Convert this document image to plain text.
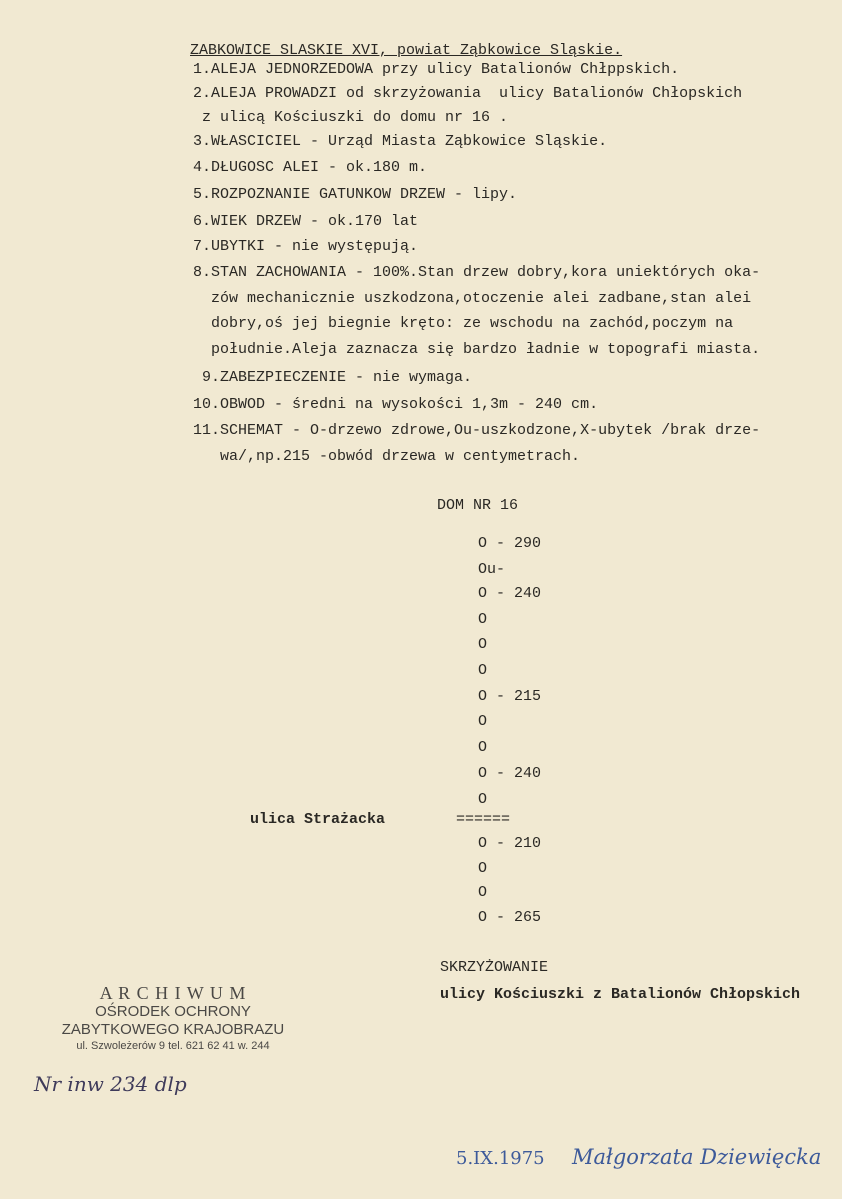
ZABKOWICE SLASKIE XVI, powiat Ząbkowice Sląskie.
1.ALEJA JEDNORZEDOWA przy ulicy Batalionów Chłppskich.
2.ALEJA PROWADZI od skrzyżowania  ulicy Batalionów Chłopskich
z ulicą Kościuszki do domu nr 16 .
3.WŁASCICIEL - Urząd Miasta Ząbkowice Sląskie.
4.DŁUGOSC ALEI - ok.180 m.
5.ROZPOZNANIE GATUNKOW DRZEW - lipy.
6.WIEK DRZEW - ok.170 lat
7.UBYTKI - nie występują.
8.STAN ZACHOWANIA - 100%.Stan drzew dobry,kora uniektórych oka-
zów mechanicznie uszkodzona,otoczenie alei zadbane,stan alei
dobry,oś jej biegnie kręto: ze wschodu na zachód,poczym na
południe.Aleja zaznacza się bardzo ładnie w topografi miasta.
9.ZABEZPIECZENIE - nie wymaga.
10.OBWOD - średni na wysokości 1,3m - 240 cm.
11.SCHEMAT - O-drzewo zdrowe,Ou-uszkodzone,X-ubytek /brak drze-
wa/,np.215 -obwód drzewa w centymetrach.
DOM NR 16
O - 290
Ou-
O - 240
O
O
O
O - 215
O
O
O - 240
O
======
O - 210
O
O
O - 265
ulica Strażacka
SKRZYŻOWANIE
ulicy Kościuszki z Batalionów Chłopskich
A R C H I W U M
OŚRODEK OCHRONY
ZABYTKOWEGO KRAJOBRAZU
ul. Szwoleżerów 9 tel. 621 62 41 w. 244
Nr inw 234 dlp
5.IX.1975 Małgorzata Dziewięcka
